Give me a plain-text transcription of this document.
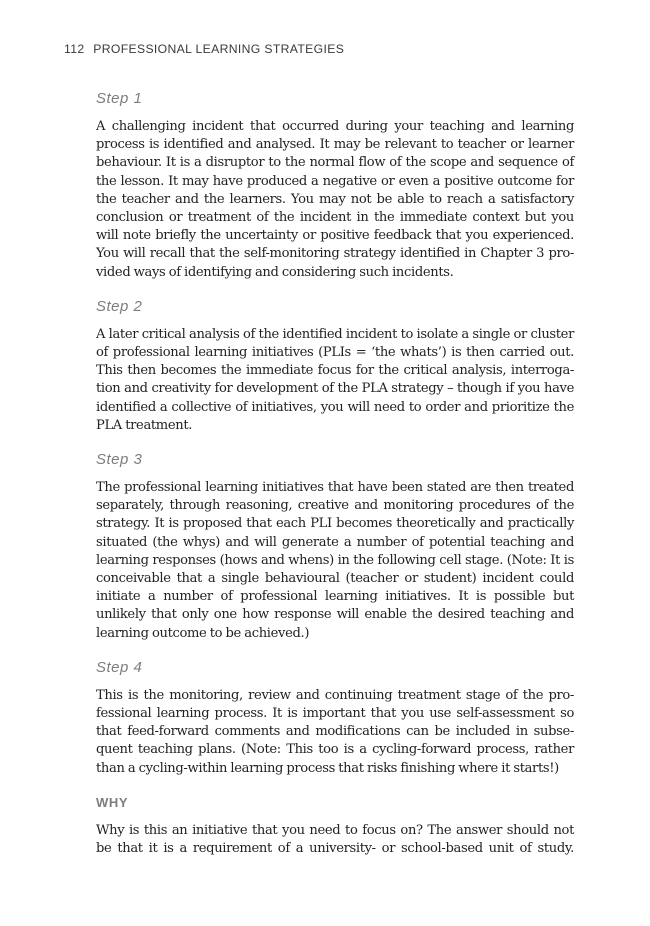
112 PROFESSIONAL LEARNING STRATEGIES
Step 1
A challenging incident that occurred during your teaching and learning
process is identified and analysed. It may be relevant to teacher or learner
behaviour. It is a disruptor to the normal flow of the scope and sequence of
the lesson. It may have produced a negative or even a positive outcome for
the teacher and the learners. You may not be able to reach a satisfactory
conclusion or treatment of the incident in the immediate context but you
will note briefly the uncertainty or positive feedback that you experienced.
You will recall that the self-monitoring strategy identified in Chapter 3 pro-
vided ways of identifying and considering such incidents.
Step 2
A later critical analysis of the identified incident to isolate a single or cluster
of professional learning initiatives (PLIs = ‘the whats’) is then carried out.
This then becomes the immediate focus for the critical analysis, interroga-
tion and creativity for development of the PLA strategy – though if you have
identified a collective of initiatives, you will need to order and prioritize the
PLA treatment.
Step 3
The professional learning initiatives that have been stated are then treated
separately, through reasoning, creative and monitoring procedures of the
strategy. It is proposed that each PLI becomes theoretically and practically
situated (the whys) and will generate a number of potential teaching and
learning responses (hows and whens) in the following cell stage. (Note: It is
conceivable that a single behavioural (teacher or student) incident could
initiate a number of professional learning initiatives. It is possible but
unlikely that only one how response will enable the desired teaching and
learning outcome to be achieved.)
Step 4
This is the monitoring, review and continuing treatment stage of the pro-
fessional learning process. It is important that you use self-assessment so
that feed-forward comments and modifications can be included in subse-
quent teaching plans. (Note: This too is a cycling-forward process, rather
than a cycling-within learning process that risks finishing where it starts!)
WHY
Why is this an initiative that you need to focus on? The answer should not
be that it is a requirement of a university- or school-based unit of study.
